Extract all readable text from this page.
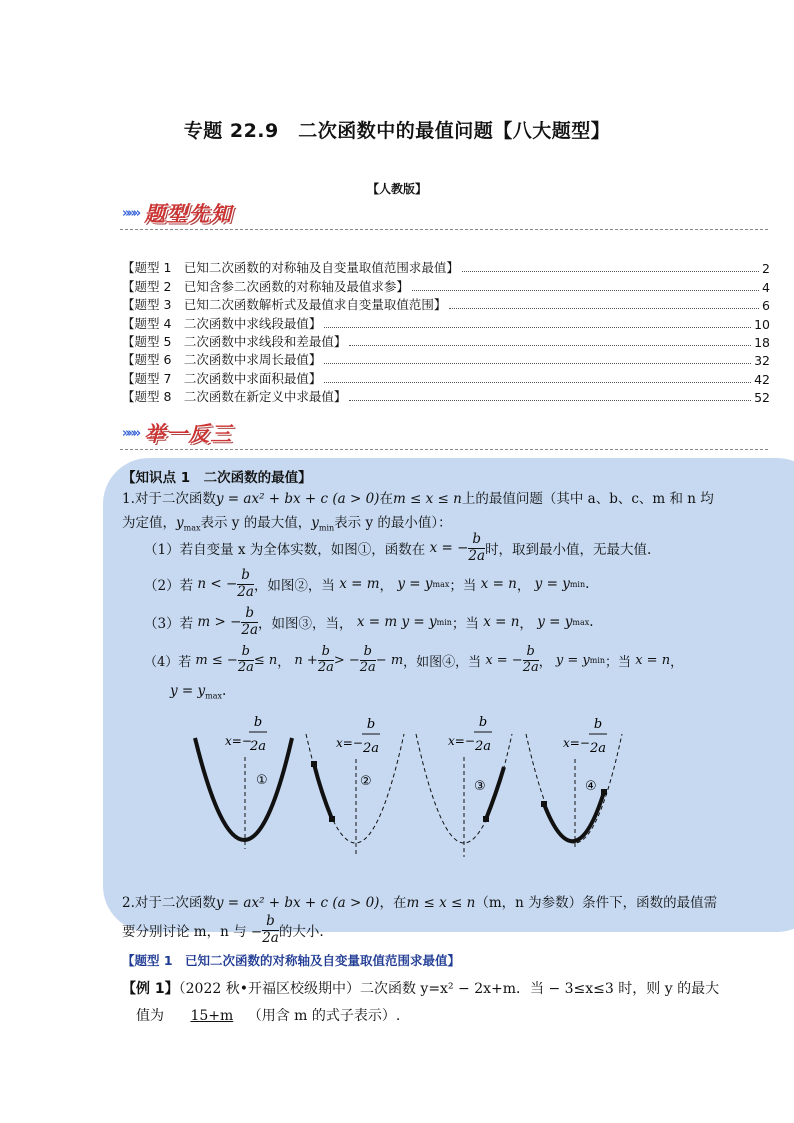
专题 22.9　二次函数中的最值问题【八大题型】
【人教版】
»»» 题型先知
【题型 1　已知二次函数的对称轴及自变量取值范围求最值】	2
【题型 2　已知含参二次函数的对称轴及最值求参】	4
【题型 3　已知二次函数解析式及最值求自变量取值范围】	6
【题型 4　二次函数中求线段最值】	10
【题型 5　二次函数中求线段和差最值】	18
【题型 6　二次函数中求周长最值】	32
【题型 7　二次函数中求面积最值】	42
【题型 8　二次函数在新定义中求最值】	52
»»» 举一反三
【知识点 1　二次函数的最值】
1.对于二次函数y = ax² + bx + c (a > 0)在m ≤ x ≤ n上的最值问题（其中 a、b、c、m 和 n 均
为定值，$y_{max}$表示 y 的最大值，$y_{min}$表示 y 的最小值）：
（1）若自变量 x 为全体实数，如图①，函数在
x = − $\frac{b}{2a}$ 时，取到最小值，无最大值.
（2）若
n < − $\frac{b}{2a}$ ，如图②，当
x = m ，
y = y max ；当
x = n ，
y = y min .
（3）若
m > − $\frac{b}{2a}$ ，如图③，当，
x = m
y = y min ；当
x = n ，
y = y max .
（4）若
m ≤ − $\frac{b}{2a} \le n$ ，
$n + \frac{b}{2a}$ > − $\frac{b}{2a} - m$ ，如图④，当
x = − $\frac{b}{2a}$ ，
y = y min ；当
x = n ，
$y = y_{max}$.
x=−
b
2a
①
x=−
b
2a
②
x=−
b
2a
③
x=−
b
2a
④
2.对于二次函数y = ax² + bx + c (a > 0)，在m ≤ x ≤ n（m，n 为参数）条件下，函数的最值需
要分别讨论 m，n 与 − $\frac{b}{2a}$ 的大小.
【题型 1　已知二次函数的对称轴及自变量取值范围求最值】
【例 1】（2022 秋•开福区校级期中）二次函数 y=x² − 2x+m．当 − 3≤x≤3 时，则 y 的最大
值为 15+m （用含 m 的式子表示）.
